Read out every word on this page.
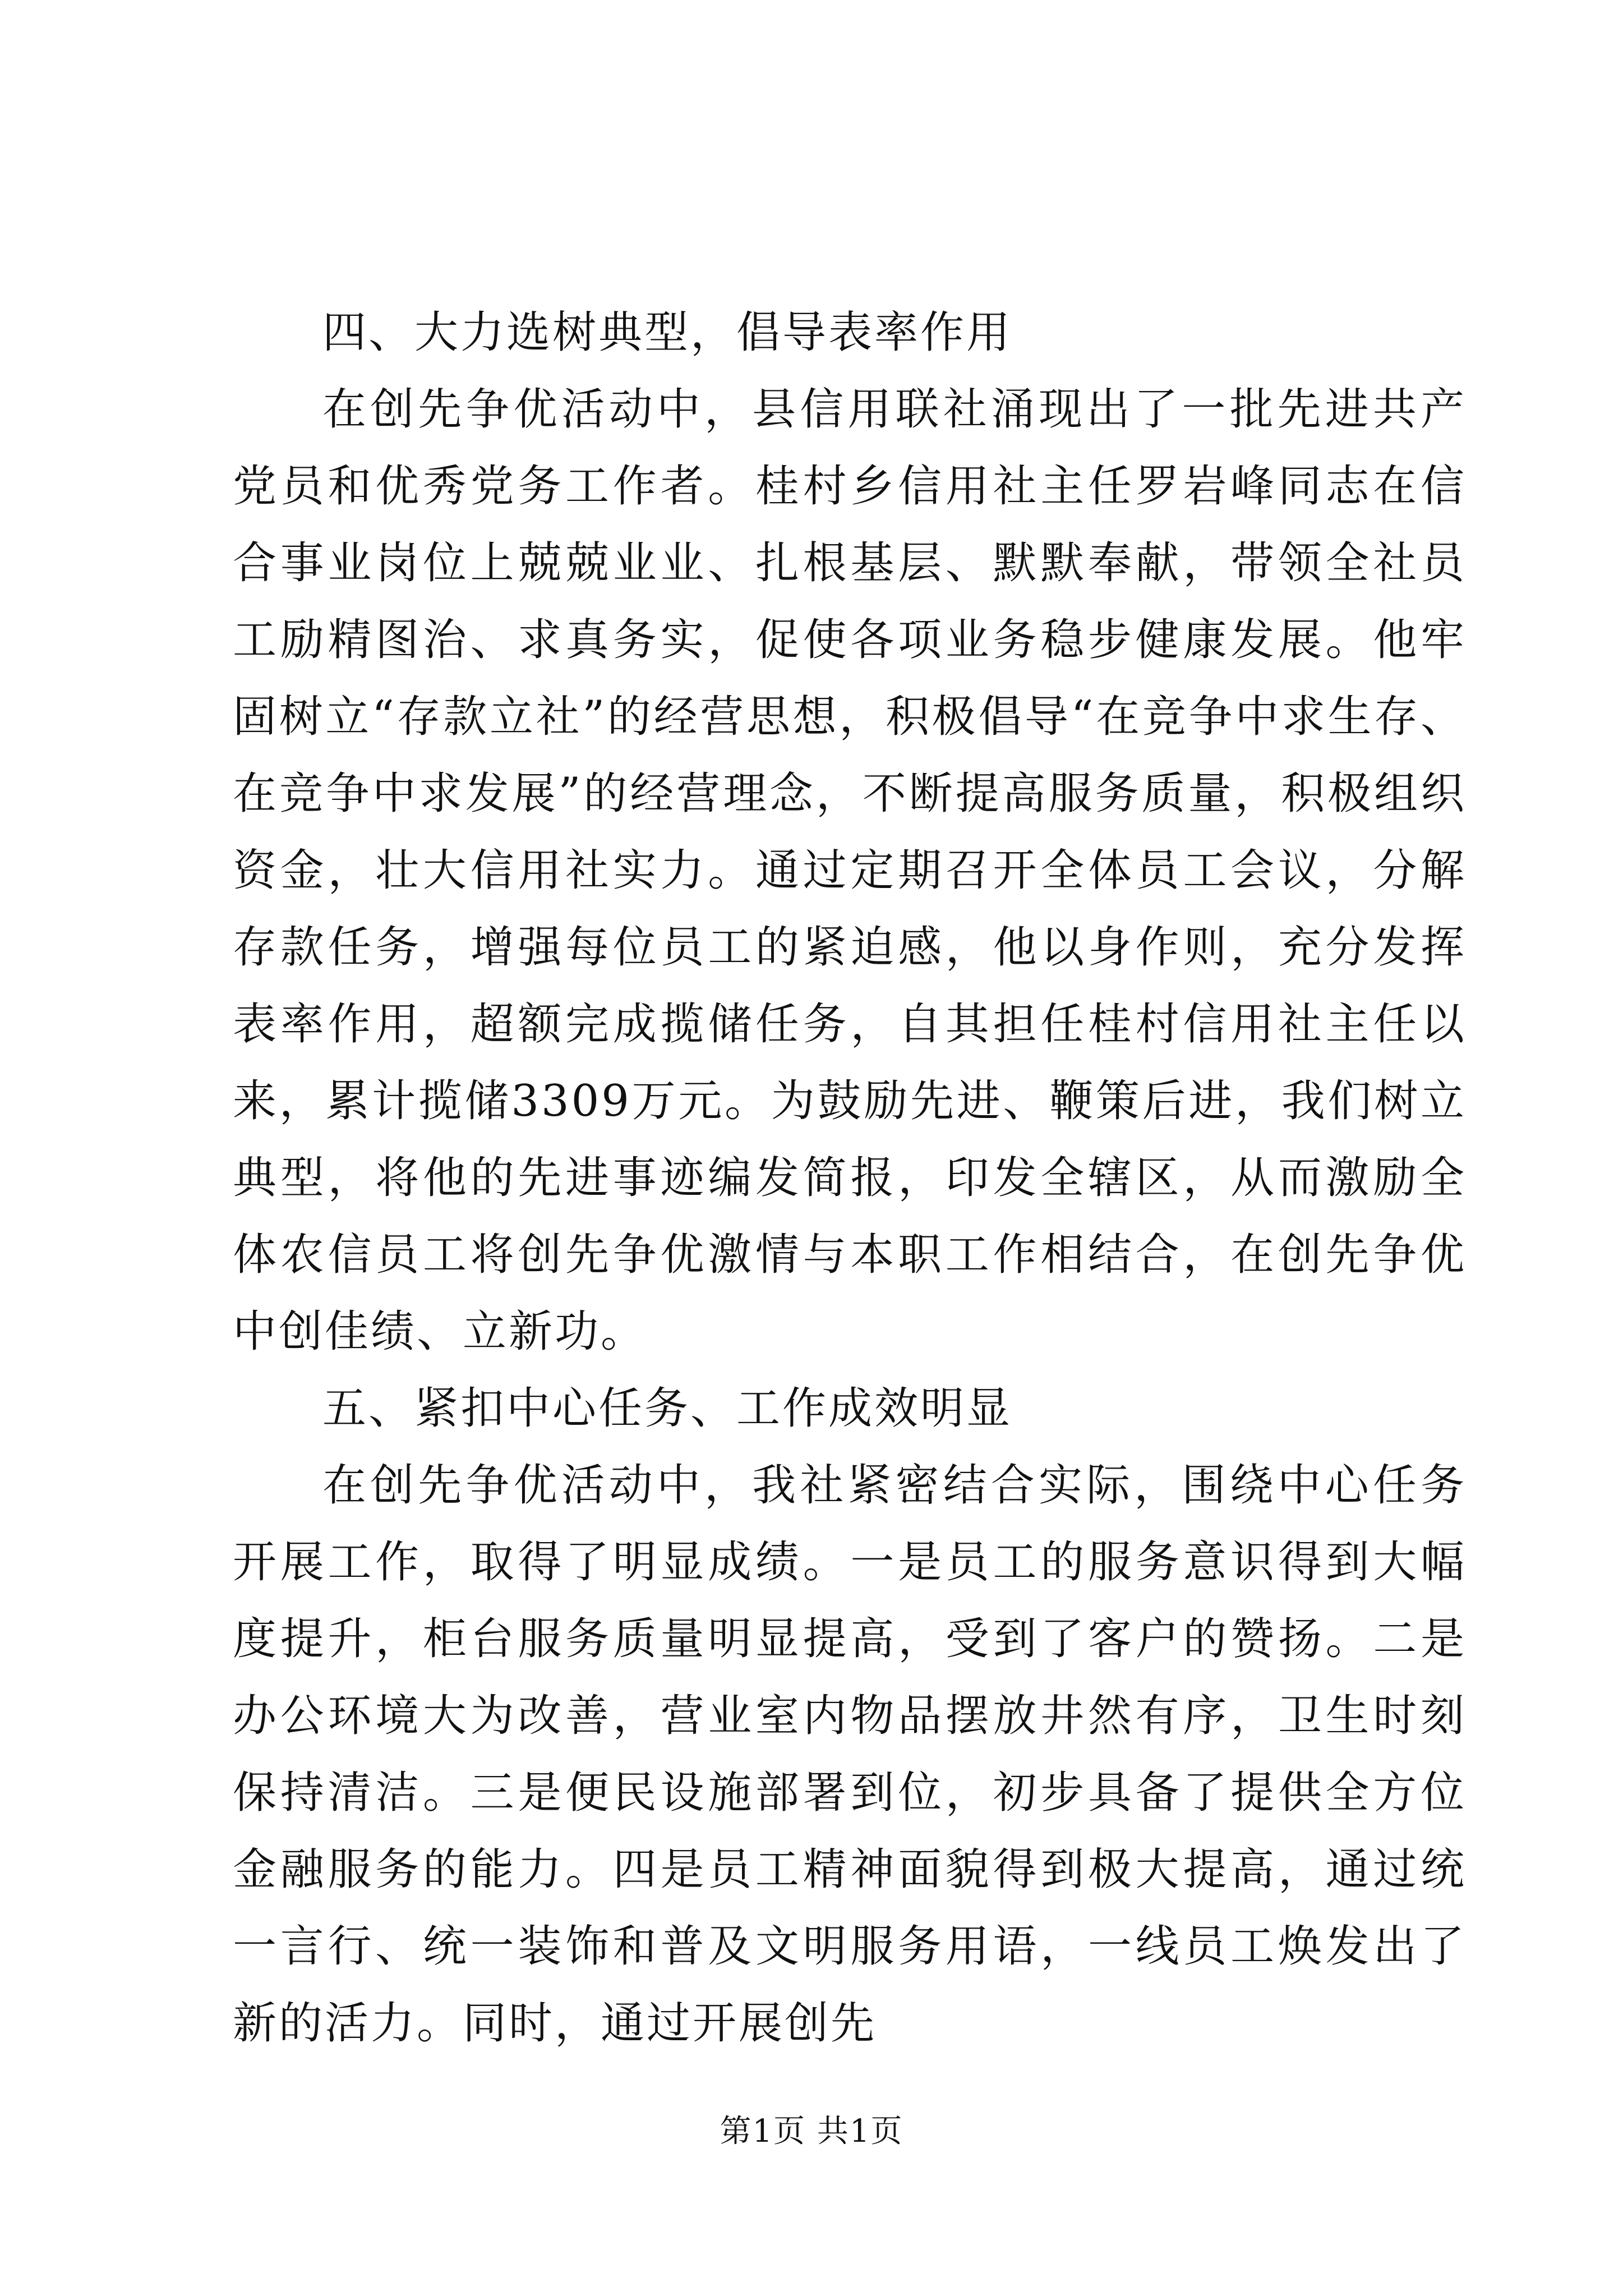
四、大力选树典型，倡导表率作用

在创先争优活动中，县信用联社涌现出了一批先进共产党员和优秀党务工作者。桂村乡信用社主任罗岩峰同志在信合事业岗位上兢兢业业、扎根基层、默默奉献，带领全社员工励精图治、求真务实，促使各项业务稳步健康发展。他牢固树立“存款立社”的经营思想，积极倡导“在竞争中求生存、在竞争中求发展”的经营理念，不断提高服务质量，积极组织资金，壮大信用社实力。通过定期召开全体员工会议，分解存款任务，增强每位员工的紧迫感，他以身作则，充分发挥表率作用，超额完成揽储任务，自其担任桂村信用社主任以来，累计揽储3309万元。为鼓励先进、鞭策后进，我们树立典型，将他的先进事迹编发简报，印发全辖区，从而激励全体农信员工将创先争优激情与本职工作相结合，在创先争优中创佳绩、立新功。

五、紧扣中心任务、工作成效明显

在创先争优活动中，我社紧密结合实际，围绕中心任务开展工作，取得了明显成绩。一是员工的服务意识得到大幅度提升，柜台服务质量明显提高，受到了客户的赞扬。二是办公环境大为改善，营业室内物品摆放井然有序，卫生时刻保持清洁。三是便民设施部署到位，初步具备了提供全方位金融服务的能力。四是员工精神面貌得到极大提高，通过统一言行、统一装饰和普及文明服务用语，一线员工焕发出了新的活力。同时，通过开展创先

第1页 共1页
